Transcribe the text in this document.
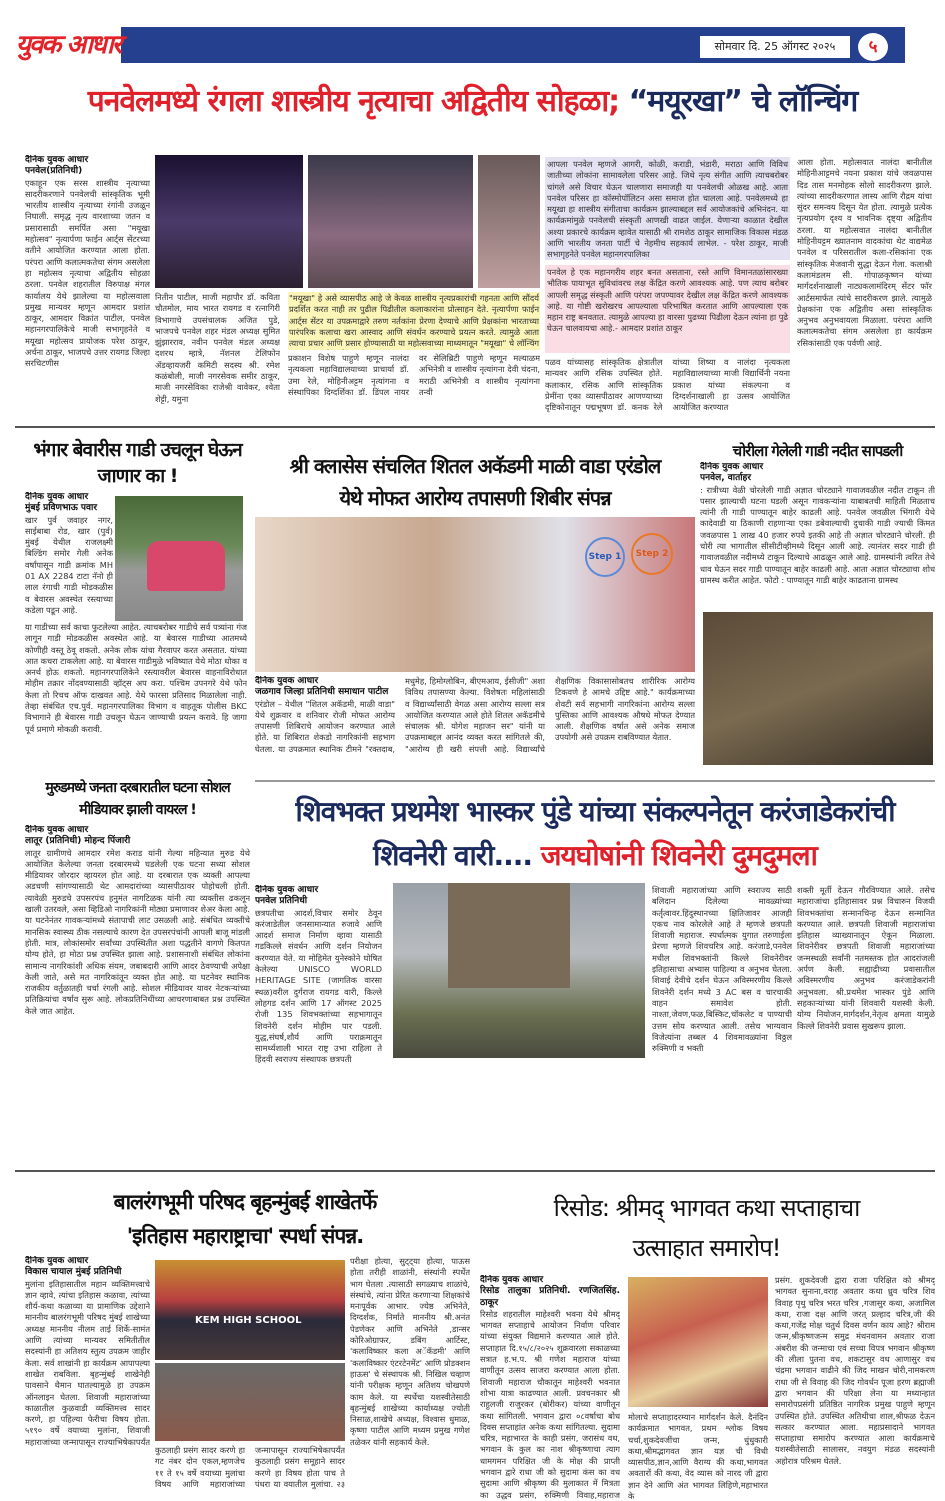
युवक आधार	सोमवार दि. 25 ऑगस्ट २०२५	५
पनवेलमध्ये रंगला शास्त्रीय नृत्याचा अद्वितीय सोहळा; “मयूरखा” चे लॉन्चिंग
दैनिक युवक आधार
पनवेल(प्रतिनिधी)
एकाहून एक सरस शास्त्रीय नृत्याच्या सादरीकरणाने पनवेलची सांस्कृतिक भूमी भारतीय शास्त्रीय नृत्याच्या रंगांनी उजळून निघाली. समृद्ध नृत्य वारशाच्या जतन व प्रसारासाठी समर्पित असा "मयूखा महोत्सव" नृत्यार्पणा फाईन आर्ट्स सेंटरच्या वतीने आयोजित करण्यात आला होता. परंपरा आणि कलात्मकतेचा संगम असलेला हा महोत्सव नृत्याचा अद्वितीय सोहळा ठरला. पनवेल शहरातील विरुपाक्ष मंगल कार्यालय येथे झालेल्या या महोत्सवाला प्रमुख मान्यवर म्हणून आमदार प्रशांत ठाकूर, आमदार विक्रांत पाटील, पनवेल महानगरपालिकेचे माजी सभागृहनेते व मयूखा महोत्सव प्रायोजक परेश ठाकूर, अर्चना ठाकूर, भाजपचे उत्तर रायगड जिल्हा सरचिटणीस
आपला पनवेल म्हणजे आगरी, कोळी, कराडी, भंडारी, मराठा आणि विविध जातीच्या लोकांना सामावलेला परिसर आहे. जिथे नृत्य संगीत आणि त्याचबरोबर चांगले असे विचार घेऊन चालणारा समाजही या पनवेलची ओळख आहे. आता पनवेल परिसर हा कॉस्मोपॉलिटन असा समाज होत चालला आहे. पनवेलमध्ये हा मयूखा हा शास्त्रीय संगीताचा कार्यक्रम झाल्याबद्दल सर्व आयोजकांचे अभिनंदन. या कार्यक्रमांमुळे पनवेलची संस्कृती आणखी वाढत जाईल. येणाऱ्या काळात देखील अश्या प्रकारचे कार्यक्रम व्हावेत यासाठी श्री रामशेठ ठाकूर सामाजिक विकास मंडळ आणि भारतीय जनता पार्टी चे नेहमीच सहकार्य लाभेल. - परेश ठाकूर, माजी सभागृहनेते पनवेल महानगरपालिका
पनवेल हे एक महानगरीय शहर बनत असताना, रस्ते आणि विमानतळांसारख्या भौतिक पायाभूत सुविधांवरच लक्ष केंद्रित करणे आवश्यक आहे. पण त्याच बरोबर आपली समृद्ध संस्कृती आणि परंपरा जपण्यावर देखील लक्ष केंद्रित करणे आवश्यक आहे. या गोष्टी खरोखरच आपल्याला परिभाषित करतात आणि आपल्याला एक महान राष्ट्र बनवतात. त्यामुळे आपल्या हा वारसा पुढच्या पिढीला देऊन त्यांना हा पुढे घेऊन चालवायचा आहे.- आमदार प्रशांत ठाकूर
नितीन पाटील, माजी महापौर डॉ. कविता चौतमोल, माय भारत रायगड व रत्नागिरी विभागाचे उपसंचालक अजित पुडे, भाजपचे पनवेल शहर मंडल अध्यक्ष सुमित झुंझारराव, नवीन पनवेल मंडल अध्यक्ष दशरथ म्हात्रे, नॅशनल टेलिफोन ॲडव्हायजरी कमिटी सदस्य श्री. रमेश कळंबोली, माजी नगरसेवक समीर ठाकूर, माजी नगरसेविका राजेश्री वावेकर, श्वेता शेट्टी, यमुना
"मयूखा" हे असे व्यासपीठ आहे जे केवळ शास्त्रीय नृत्यप्रकारांची गहनता आणि सौंदर्य प्रदर्शित करत नाही तर पुढील पिढीतील कलाकारांना प्रोत्साहन देते. नृत्यार्पणा फाईन आर्ट्स सेंटर या उपक्रमाद्वारे तरुण नर्तकांना प्रेरणा देण्याचे आणि प्रेक्षकांना भारताच्या पारंपरिक कलाचा खरा आस्वाद आणि संवर्धन करण्याचे प्रयत्न करते. त्यामुळे आता त्याचा प्रचार आणि प्रसार होण्यासाठी या महोत्सवाच्या माध्यमातून "मयूखा" चे लॉन्चिंग
प्रकाशन विशेष पाहुणे म्हणून नालंदा नृत्यकला महाविद्यालयाच्या प्राचार्या डॉ. उमा रेले, मोहिनीअट्टम नृत्यांगना व संस्थापिका दिग्दर्शिका डॉ. डिंपल नायर वर सेलिब्रिटी पाहुणे म्हणून मल्याळम अभिनेत्री व शास्त्रीय नृत्यांगना देवी चंदना, मराठी अभिनेत्री व शास्त्रीय नृत्यांगना तन्वी
पळव यांच्यासह सांस्कृतिक क्षेत्रातील मान्यवर आणि रसिक उपस्थित होते. कलाकार, रसिक आणि सांस्कृतिक प्रेमींना एका व्यासपीठावर आणण्याच्या दृष्टिकोनातून पद्मभूषण डॉ. कनक रेले यांच्या शिष्या व नालंदा नृत्यकला महाविद्यालयाच्या माजी विद्यार्थिनी नयना प्रकाश यांच्या संकल्पना व दिग्दर्शनाखाली हा उत्सव आयोजित आयोजित करण्यात
आला होता. महोत्सवात नालंदा बानीतील मोहिनीआट्टमचे नयना प्रकाश यांचे जवळपास दिड तास मनमोहक सोलो सादरीकरण झाले. त्यांच्या सादरीकरणात लास्य आणि रौद्रम यांचा सुंदर समन्वय दिसून येत होता. त्यामुळे प्रत्येक नृत्यप्रयोग दृश्य व भावनिक दृष्ट्या अद्वितीय ठरला. या महोत्सवात नालंदा बानीतील मोहिनीयट्टम ख्यातनाम वादकांचा थेट वाद्यमेळ पनवेल व परिसरातील कला-रसिकांना एक सांस्कृतिक मेजवानी सुद्धा देऊन गेला. कलाश्री कलामंडलम सी. गोपाळकृष्णन यांच्या मार्गदर्शनाखाली नाट्यकलामंदिरम् सेंटर फॉर आर्टसमार्फत त्यांचे सादरीकरण झाले. त्यामुळे प्रेक्षकांना एक अद्वितीय असा सांस्कृतिक अनुभव अनुभवायला मिळाला. परंपरा आणि कलात्मकतेचा संगम असलेला हा कार्यक्रम रसिकांसाठी एक पर्वणी आहे.
भंगार बेवारीस गाडी उचलून घेऊन जाणार का !
दैनिक युवक आधार
मुंबई प्रविणभाऊ पवार
खार पुर्व जवाहर नगर, साईबाबा रोड, खार (पुर्व) मुंबई येथील राजलक्ष्मी बिल्डिंग समोर गेली अनेक वर्षांपासून गाडी क्रमांक MH 01 AX 2284 टाटा नॅनो ही लाल रंगाची गाडी मोडकळीस व बेवारस अवस्थेत रस्त्याच्या कडेला पडून आहे.
या गाडीच्या सर्व काचा फुटलेल्या आहेत. त्याचबरोबर गाडीचे सर्व पत्र्यांना गंज लागून गाडी मोडकळीस अवस्थेत आहे. या बेवारस गाडीच्या आतमध्ये कोणीही वस्तू ठेवू शकतो. अनेक लोक यांचा गैरवापर करत असतात. यांच्या आत कचरा टाकलेला आहे. या बेवारस गाडीमुळे भविष्यात येथे मोठा धोका व अनर्थ होऊ शकतो. महानगरपालिकेने रस्त्यावरील बेवारस वाहनाविरोधात मोहीम तक्रार नोंदवण्यासाठी व्हॉट्स अप करा. पश्चिम उपनगरे येथे फोन केला तो रिचच ऑफ दाखवत आहे. येथे फारसा प्रतिसाद मिळालेला नाही. तेव्हा संबंधित एच.पुर्व. महानगरपालिका विभाग व वाहतूक पोलीस BKC विभागाने ही बेवारस गाडी उचलून घेऊन जाण्याची प्रयत्न करावे. हि जागा पूर्व प्रमाणे मोकळी करावी.
श्री क्लासेस संचलित शितल अकॅडमी माळी वाडा एरंडोल
येथे मोफत आरोग्य तपासणी शिबीर संपन्न
Step 1	Step 2
दैनिक युवक आधार
जळगाव जिल्हा प्रतिनिधी समाधान पाटील
एरंडोल – येथील "शितल अकॅडमी, माळी वाडा" येथे शुक्रवार व शनिवार रोजी मोफत आरोग्य तपासणी शिबिराचे आयोजन करण्यात आले होते. या शिबिरात शेकडो नागरिकांनी सहभाग घेतला. या उपक्रमात स्थानिक टीमने "रक्तदाब, मधुमेह, हिमोग्लोबिन, बीएमआय, ईसीजी" अशा विविध तपासण्या केल्या. विशेषतः महिलांसाठी व विद्यार्थ्यांसाठी वेगळ असा आरोग्य सल्ला सत्र आयोजित करण्यात आले होते शितल अकॅडमीचे संचालक श्री. योगेश महाजन सर" यांनी या उपक्रमाबद्दल आनंद व्यक्त करत सांगितले की, "आरोग्य ही खरी संपत्ती आहे. विद्यार्थ्यांचे शैक्षणिक विकासासोबतच शारीरिक आरोग्य टिकवणे हे आमचे उद्दिष्ट आहे." कार्यक्रमाच्या शेवटी सर्व सहभागी नागरिकांना आरोग्य सल्ला पुस्तिका आणि आवश्यक औषधे मोफत देण्यात आली. शैक्षणिक वर्षात असे अनेक समाज उपयोगी असे उपक्रम राबविण्यात येतात.
चोरीला गेलेली गाडी नदीत सापडली
दैनिक युवक आधार
पनवेल, वार्ताहर
: रात्रीच्या वेळी चोरलेली गाडी अज्ञात चोरट्याने गावाजवळील नदीत टाकून ती पसार झाल्याची घटना घडली असून गावकऱ्यांना याबाबतची माहिती मिळताच त्यांनी ती गाडी पाण्यातून बाहेर काढली आहे. पनवेल जवळील भिंगारी येथे कादेवाडी या ठिकाणी राहणाऱ्या एका डबेवाल्याची दुचाकी गाडी ज्याची किंमत जवळपास 1 लाख 40 हजार रुपये इतकी आहे ती अज्ञात चोरट्याने चोरली. ही चोरी त्या भागातील सीसीटीव्हीमध्ये दिसून आली आहे. त्यानंतर सदर गाडी ही गावाजवळील नदीमध्ये टाकून दिल्याचे आढळून आले आहे. ग्रामस्थांनी त्वरित तेथे धाव घेऊन सदर गाडी पाण्यातून बाहेर काढली आहे. आता अज्ञात चोरट्याचा शोध ग्रामस्थ करीत आहेत. फोटो : पाण्यातून गाडी बाहेर काढताना ग्रामस्थ
मुरुडमध्ये जनता दरबारातील घटना सोशल मीडियावर झाली वायरल !
दैनिक युवक आधार
लातूर (प्रतिनिधी) मोहन्द पिंजारी
लातूर ग्रामीणचे आमदार रमेश कराड यांनी गेल्या महिन्यात मुरुड येथे आयोजित केलेल्या जनता दरबारमध्ये घडलेली एक घटना सध्या सोशल मीडियावर जोरदार व्हायरल होत आहे. या दरबारात एक व्यक्ती आपल्या अडचणी सांगण्यासाठी थेट आमदारांच्या व्यासपीठावर पोहोचली होती. त्यावेळी मुरुडचे उपसरपंच हनुमंत नागटिळक यांनी त्या व्यक्तीस ढकलून खाली उतरवले, असा व्हिडिओ नागरिकांनी मोठ्या प्रमाणावर शेअर केला आहे. या घटनेनंतर गावकऱ्यांमध्ये संतापाची लाट उसळली आहे. संबंधित व्यक्तीचे मानसिक स्वास्थ्य ठीक नसल्याचे कारण देत उपसरपंचांनी आपली बाजू मांडली होती. मात्र, लोकांसमोर सर्वांच्या उपस्थितीत अशा पद्धतीने वागणे कितपत योग्य होते, हा मोठा प्रश्न उपस्थित झाला आहे. प्रशासनाशी संबंधित लोकांना सामान्य नागरिकांशी अधिक संयम, जबाबदारी आणि आदर ठेवण्याची अपेक्षा केली जाते, असे मत नागरिकांतून व्यक्त होत आहे. या घटनेवर स्थानिक राजकीय वर्तुळातही चर्चा रंगली आहे. सोशल मीडियावर यावर नेटकऱ्यांच्या प्रतिक्रियांचा वर्षाव सुरू आहे. लोकप्रतिनिधींच्या आचरणाबाबत प्रश्न उपस्थित केले जात आहेत.
शिवभक्त प्रथमेश भास्कर पुंडे यांच्या संकल्पनेतून करंजाडेकरांची
शिवनेरी वारी.... जयघोषांनी शिवनेरी दुमदुमला
दैनिक युवक आधार
पनवेल प्रतिनिधी
छत्रपतीचा आदर्श,विचार समोर ठेवून करंजाडेतील जनसामान्यात रुजावे आणि आदर्श समाज निर्माण व्हावा यासाठी गडकिल्ले संवर्धन आणि दर्शन नियोजन करण्यात येते. या मोहिमेत युनेस्कोने घोषित केलेल्या UNISCO WORLD HERITAGE SITE (जागतिक वारसा स्थळ)वरील दुर्गराज रायगड वारी, किल्ले लोहगड दर्शन आणि 17 ऑगस्ट 2025 रोजी 135 शिवभक्तांच्या सहभागातून शिवनेरी दर्शन मोहीम पार पडली. युद्ध,संघर्ष,शौर्य आणि पराक्रमातून सामर्थ्यशाली भारत राष्ट्र उभा राहिला ते हिंदवी स्वराज्य संस्थापक छत्रपती
शिवाजी महाराजांच्या आणि स्वराज्य साठी बलिदान दिलेल्या मावळ्यांच्या कर्तृत्वावर.हिंदुस्थानच्या क्षितिजावर आजही एकच नाव कोरलेले आहे ते म्हणजे छत्रपती शिवाजी महाराज. स्पर्धात्मक युगात तरुणाईला प्रेरणा म्हणजे शिवचरित्र आहे. करंजाडे,पनवेल मधील शिवभक्तांनी किल्ले शिवनेरीवर इतिहासाचा अभ्यास पाहिल्या व अनुभव घेतला. शिवाई देवीचे दर्शन घेऊन अविस्मरणीय किल्ले शिवनेरी दर्शन मध्ये 3 AC बस व चारचाकी वाहन समावेश होती. नाश्ता,जेवण,फळ,बिस्किट,चॉकलेट व पाण्याची उत्तम सोय करण्यात आली. तसेच भाग्यवान विजेत्यांना तब्बल 4 शिवमावळ्यांना विठ्ठल रुक्मिणी व भक्ती
शक्ती मूर्ती देऊन गौरविण्यात आले. तसेच महाराजांचा इतिहासावर प्रश्न विचारुन विजयी शिवभक्तांचा सन्मानचिन्ह देऊन सन्मानित करण्यात आले. छत्रपती शिवाजी महाराजांचा इतिहास व्याख्यानातून ऐकून मिळाला. शिवनेरीवर छत्रपती शिवाजी महाराजांच्या जन्मस्थळी सर्वांनी नतमस्तक होत आदरांजली अर्पण केली. सह्याद्रीच्या प्रवासातील अविस्मरणीय अनुभव करंजाडेकरांनी अनुभवला. श्री.प्रथमेश भास्कर पुंडे आणि सहकाऱ्यांच्या यांनी शिववारी यशस्वी केली. योग्य नियोजन,मार्गदर्शन,नेतृत्व क्षमता यामुळे किल्ले शिवनेरी प्रवास सुखरूप झाला.
बालरंगभूमी परिषद बृहन्मुंबई शाखेतर्फे
'इतिहास महाराष्ट्राचा' स्पर्धा संपन्न.
दैनिक युवक आधार
विकास चायाल मुंबई प्रतिनिधी
मुलांना इतिहासातील महान व्यक्तिमत्त्वाचे ज्ञान व्हावे, त्यांचा इतिहास कळावा, त्यांच्या शौर्य-कथा कळाव्या या प्रामाणिक उद्देशाने माननीय बालरंगभूमी परिषद मुंबई शाखेच्या अध्यक्ष माननीय नीलम ताई शिर्के-सामंत आणि त्यांच्या मान्यवर समितीतील सदस्यांनी हा अतिशय स्तुत्य उपक्रम जाहीर केला. सर्व शाखांनी हा कार्यक्रम आपापल्या शाखेत राबविला. बृहन्मुंबई शाखेनेही पावसाने थैमान घातल्यामुळे हा उपक्रम ऑनलाइन घेतला. शिवाजी महाराजांच्या काळातील कुळवाडी व्यक्तिमत्त्व सादर करणे, हा पहिल्या फेरीचा विषय होता. ५१९० वर्षे वयाच्या मुलांना, शिवाजी महाराजांच्या जन्मापासून राज्याभिषेकापर्यंत
KEM HIGH SCHOOL
कुठलाही प्रसंग सादर करणे हा गट नंबर दोन एकल,म्हणजेच ११ ते १५ वर्षे वयाच्या मुलांचा विषय आणि महाराजांच्या जन्मापासून राज्याभिषेकापर्यंत कुठलाही प्रसंग समूहाने सादर करणे हा विषय होता पाच ते पंधरा या वयातील मुलांचा. २३
परीक्षा होत्या, सुट्ट्या होत्या, पाऊस होता तरीही शाळांनी, संस्थांनी स्पर्धेत भाग घेतला .त्यासाठी सगळ्याच शाळांचे, संस्थांचे, त्यांना प्रेरित करणाऱ्या शिक्षकांचे मनःपूर्वक आभार. ज्येष्ठ अभिनेते, दिग्दर्शक, निर्माते माननीय श्री.अनंत पेडणेकर आणि अभिनेते ,डान्सर कोरिओग्राफर, डबिंग आर्टिस्ट, 'कलाविष्कार कला अॅकॅडमी' आणि 'कलाविष्कार एंटरटेनमेंट' आणि प्रोडक्शन हाऊस' चे संस्थापक श्री. निखिल चव्हाण यांनी परीक्षक म्हणून अतिशय चोखपणे काम केले. या स्पर्धेचा यशस्वीतेसाठी बृहन्मुंबई शाखेच्या कार्याध्यक्ष ज्योती निसाळ,शाखेचे अध्यक्ष, विश्वास धुमाळ, कृष्णा पाटील आणि मध्यम प्रमुख गणेश तळेकर यांनी सहकार्य केले.
रिसोड: श्रीमद् भागवत कथा सप्ताहाचा
उत्साहात समारोप!
दैनिक युवक आधार
रिसोड तालुका प्रतिनिधी. रणजितसिंह. ठाकूर
रिसोड शहरातील माहेश्वरी भवना येथे श्रीमद् भागवत सप्ताहाचे आयोजन निर्वाण परिवार यांच्या संयुक्त विद्यमाने करण्यात आले होते. सप्ताहात दि.१५/८/२०२५ शुक्रवारला सकाळच्या सत्रात ह.भ.प. श्री गणेश महाराज यांच्या वाणीतून उत्सव साजरा करण्यात आला होता. शिवाजी महाराज चौकातून माहेश्वरी भवनात शोभा यात्रा काढण्यात आली. प्रवचनकार श्री राहुलजी राजुरकर (बोरीकर) यांच्या वाणीतून कथा सांगितली. भगवान द्वारा ०८वर्षाचा बोध दिवस सप्ताहांत अनेक कथा सांगितल्या. सुदामा चरित्र, महाभारत के काही प्रसंग, जरासंध वध, भगवान के कुल का नाश श्रीकृष्णाचा त्याग धामगमन परिक्षित जी के मोक्ष की प्राप्ती भगवान द्वारे राधा जी को सुदामा कंस का वध सुदामा आणि श्रीकृष्ण की मुलाकात में मित्रता का उद्धव प्रसंग, रुक्मिणी विवाह,महाराज
मोलाचे सप्ताहादरम्यान मार्गदर्शन केले. दैनंदिन कार्यक्रमात भागवत, प्रथम श्लोक विषय चर्चा,शुकदेवजींचा जन्म, धुंधुकारी कथा,श्रीमद्भागवत ज्ञान यज्ञ ची विधी व्यासपीठ,ज्ञान,आणि वैराग्य की कथा,भागवत अवतारों की कथा, वेद व्यास को नारद जी द्वारा ज्ञान देने आणि अंत भागवत लिहिणे,महाभारत के
प्रसंग. शुकदेवजी द्वारा राजा परिक्षित को श्रीमद् भागवत सुनाना,वराह अवतार कथा ध्रुव चरित्र शिव विवाह पृथु चरित्र भरत चरित्र ,गजासुर कथा, अजामिल कथा, राजा दक्ष आणि जरत् प्रल्हाद चरित्र,जी की कथा,गजेंद्र मोक्ष चतुर्थ दिवस वर्णन काय आहे? श्रीराम जन्म,श्रीकृष्णजन्म समुद्र मंथनवामन अवतार राजा अंबरीश की जन्माचा एवं सच्चा विपत्र भगवान श्रीकृष्ण की लीला पुतना वध, शकटासुर वध आणासुर वध चंद्रमा भगवान वाढीने की जिद माखन चोरी,नामकरण राधा जी से विवाह की जिद गोवर्धन पूजा हरण ब्रह्माजी द्वारा भगवान की परिक्षा लेना या मध्यान्हात समारोपप्रसंगी प्रतिष्ठित नागरिक प्रमुख पाहुणे म्हणून उपस्थित होते. उपस्थित अतिथीचा शाल,श्रीफळ देऊन सत्कार करण्यात आला. महाप्रसादाने भागवत सप्ताहाचा समारोप करण्यात आला कार्यक्रमाचे यशस्वीतेसाठी सालासर, नवयुग मंडळ सदस्यांनी अहोरात्र परिश्रम घेतले.
